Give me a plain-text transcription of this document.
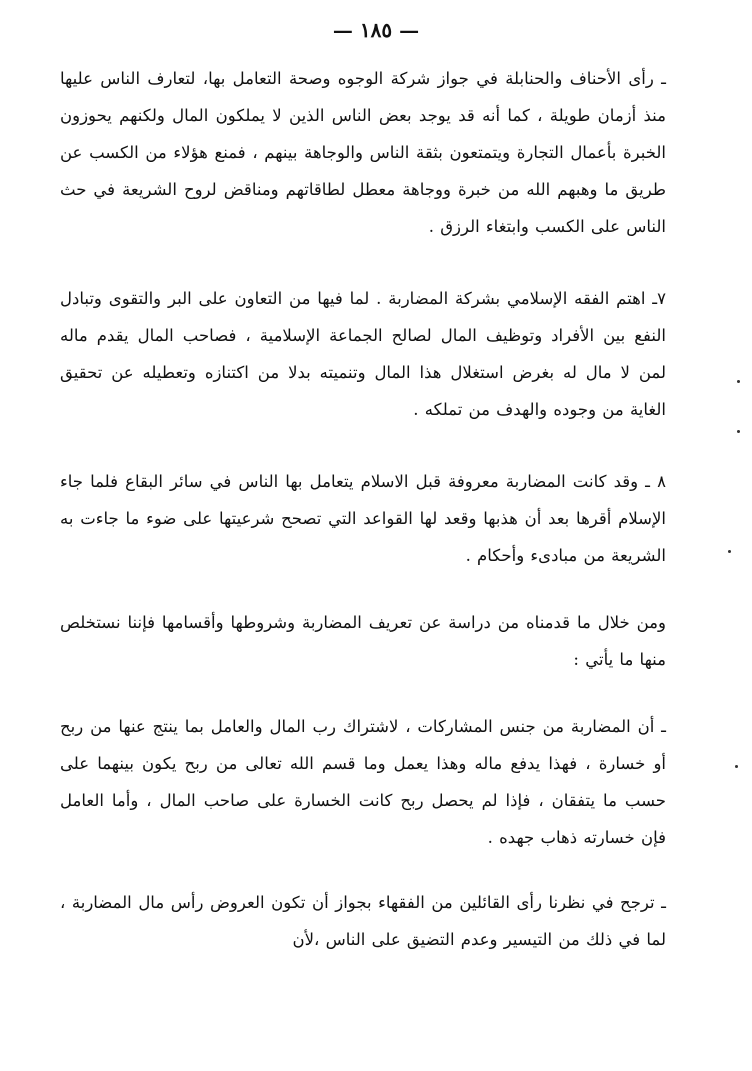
— ١٨٥ —

ـ رأى الأحناف والحنابلة في جواز شركة الوجوه وصحة التعامل بها، لتعارف الناس عليها منذ أزمان طويلة ، كما أنه قد يوجد بعض الناس الذين لا يملكون المال ولكنهم يحوزون الخبرة بأعمال التجارة ويتمتعون بثقة الناس والوجاهة بينهم ، فمنع هؤلاء من الكسب عن طريق ما وهبهم الله من خبرة ووجاهة معطل لطاقاتهم ومناقض لروح الشريعة في حث الناس على الكسب وابتغاء الرزق .

٧ـ اهتم الفقه الإسلامي بشركة المضاربة . لما فيها من التعاون على البر والتقوى وتبادل النفع بين الأفراد وتوظيف المال لصالح الجماعة الإسلامية ، فصاحب المال يقدم ماله لمن لا مال له بغرض استغلال هذا المال وتنميته بدلا من اكتنازه وتعطيله عن تحقيق الغاية من وجوده والهدف من تملكه .

٨ ـ وقد كانت المضاربة معروفة قبل الاسلام يتعامل بها الناس في سائر البقاع فلما جاء الإسلام أقرها بعد أن هذبها وقعد لها القواعد التي تصحح شرعيتها على ضوء ما جاءت به الشريعة من مبادىء وأحكام .

ومن خلال ما قدمناه من دراسة عن تعريف المضاربة وشروطها وأقسامها فإننا نستخلص منها ما يأتي :

ـ أن المضاربة من جنس المشاركات ، لاشتراك رب المال والعامل بما ينتج عنها من ربح أو خسارة ، فهذا يدفع ماله وهذا يعمل وما قسم الله تعالى من ربح يكون بينهما على حسب ما يتفقان ، فإذا لم يحصل ربح كانت الخسارة على صاحب المال ، وأما العامل فإن خسارته ذهاب جهده .

ـ ترجح في نظرنا رأى القائلين من الفقهاء بجواز أن تكون العروض رأس مال المضاربة ، لما في ذلك من التيسير وعدم التضيق على الناس ،لأن
